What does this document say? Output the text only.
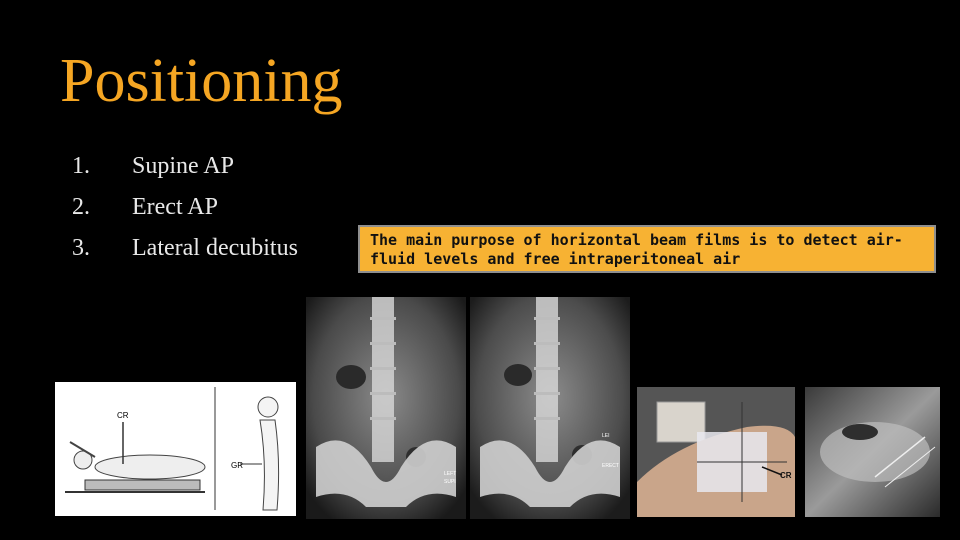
Positioning
1.	Supine AP
2.	Erect AP
3.	Lateral decubitus	The main purpose of horizontal beam films is to detect air-fluid levels and free intraperitoneal air
CR
GR
LEFT
SUPI
LEI
ERECT
CR
